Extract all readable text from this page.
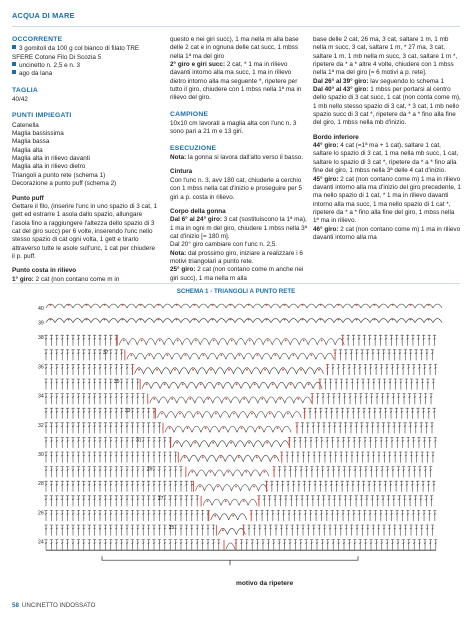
ACQUA DI MARE
OCCORRENTE

3 gomitoli da 100 g col bianco di filato TRE SFERE Cotone Filo Di Scozia 5

uncinetto n. 2,5 e n. 3

ago da lana

TAGLIA

40/42

PUNTI IMPIEGATI
Catenella
Maglia bassissima
Maglia bassa
Maglia alta
Maglia alta in rilievo davanti
Maglia alta in rilievo dietro
Triangoli a punto rete (schema 1)
Decorazione a punto puff (schema 2)
Punto puff

Gettare il filo, (inserire l'unc in uno spazio di 3 cat, 1 gett ed estrarre 1 asola dallo spazio, allungare l'asola fino a raggiungere l'altezza dello spazio di 3 cat del giro succ) per 6 volte, inserendo l'unc nello stesso spazio di cat ogni volta, 1 gett e tirarlo attraverso tutte le asole sull'unc, 1 cat per chiudere il p. puff.

Punto costa in rilievo

1° giro: 2 cat (non contano come m in

questo e nei giri succ), 1 ma nella m alla base delle 2 cat e in ognuna delle cat succ, 1 mbss nella 1ª ma del giro

2° giro e giri succ: 2 cat, * 1 ma in rilievo davanti intorno alla ma succ, 1 ma in rilievo dietro intorno alla ma seguente *, ripetere per tutto il giro, chiudere con 1 mbss nella 1ª ma in rilievo del giro.

CAMPIONE

10x10 cm lavorati a maglia alta con l'unc n. 3 sono pari a 21 m e 13 giri.

ESECUZIONE

Nota: la gonna si lavora dall'alto verso il basso.

Cintura

Con l'unc n. 3, avv 180 cat, chiuderle a cerchio con 1 mbss nella cat d'inizio e proseguire per 5 giri a p. costa in rilievo.

Corpo della gonna

Dal 6° al 24° giro: 3 cat (sostituiscono la 1ª ma), 1 ma in ogni m del giro, chiudere 1 mbss nella 3ª cat d'inizio [= 180 m].

Dal 20° giro cambiare con l'unc n. 2,5.

Nota: dal prossimo giro, iniziare a realizzare i 6 motivi triangolari a punto rete.

25° giro: 2 cat (non contano come m anche nei giri succ), 1 ma nella m alla

base delle 2 cat, 26 ma, 3 cat, saltare 1 m, 1 mb nella m succ, 3 cat, saltare 1 m, * 27 ma, 3 cat, saltare 1 m, 1 mb nella m succ, 3 cat, saltare 1 m *, ripetere da * a * altre 4 volte, chiudere con 1 mbss nella 1ª ma del giro [= 6 motivi a p. rete].

Dal 26° al 39° giro: lav seguendo lo schema 1

Dal 40° al 43° giro: 1 mbss per portarsi al centro dello spazio di 3 cat succ, 1 cat (non conta come m), 1 mb nello stesso spazio di 3 cat, * 3 cat, 1 mb nello spazio succ di 3 cat *, ripetere da * a * fino alla fine del giro, 1 mbss nella mb d'inizio.

Bordo inferiore

44° giro: 4 cat (=1ª ma + 1 cat), saltare 1 cat, saltare lo spazio di 3 cat, 1 ma nella mb succ, 1 cat, saltare lo spazio di 3 cat *, ripetere da * a * fino alla fine del giro, 1 mbss nella 3ª delle 4 cat d'inizio.

45° giro: 2 cat (non contano come m) 1 ma in rilievo davanti intorno alla ma d'inizio del giro precedente, 1 ma nello spazio di 1 cat, * 1 ma in rilievo davanti intorno alla ma succ, 1 ma nello spazio di 1 cat *, ripetere da * a * fino alla fine del giro, 1 mbss nella 1ª ma in rilievo.

46° giro: 2 cat (non contano come m) 1 ma in rilievo davanti intorno alla ma

SCHEMA 1 - TRIANGOLI A PUNTO RETE
40
39
38
37
36
35
34
33
32
31
30
29
28
27
26
25
24
motivo da ripetere
58 UNCINETTO INDOSSATO
